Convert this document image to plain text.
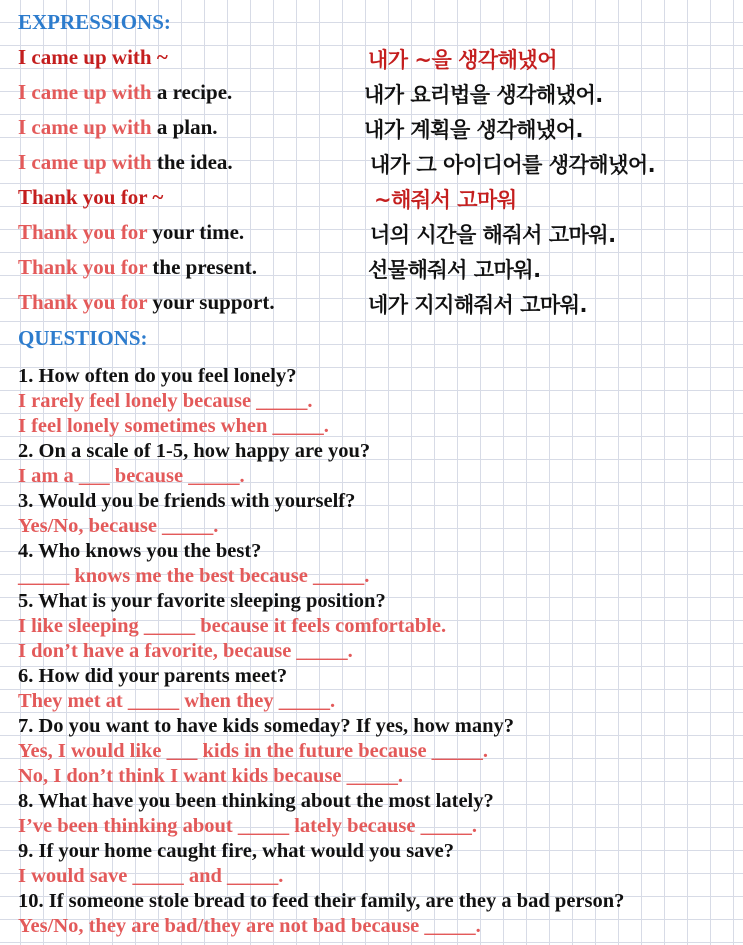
EXPRESSIONS:
I came up with ~	내가 ~을 생각해냈어
I came up with a recipe.	내가 요리법을 생각해냈어.
I came up with a plan.	내가 계획을 생각해냈어.
I came up with the idea.	내가 그 아이디어를 생각해냈어.
Thank you for ~	~해줘서 고마워
Thank you for your time.	너의 시간을 해줘서 고마워.
Thank you for the present.	선물해줘서 고마워.
Thank you for your support.	네가 지지해줘서 고마워.
QUESTIONS:
1. How often do you feel lonely?
I rarely feel lonely because _____.
I feel lonely sometimes when _____.
2. On a scale of 1-5, how happy are you?
I am a ___ because _____.
3. Would you be friends with yourself?
Yes/No, because _____.
4. Who knows you the best?
_____ knows me the best because _____.
5. What is your favorite sleeping position?
I like sleeping _____ because it feels comfortable.
I don’t have a favorite, because _____.
6. How did your parents meet?
They met at _____ when they _____.
7. Do you want to have kids someday? If yes, how many?
Yes, I would like ___ kids in the future because _____.
No, I don’t think I want kids because _____.
8. What have you been thinking about the most lately?
I’ve been thinking about _____ lately because _____.
9. If your home caught fire, what would you save?
I would save _____ and _____.
10. If someone stole bread to feed their family, are they a bad person?
Yes/No, they are bad/they are not bad because _____.
